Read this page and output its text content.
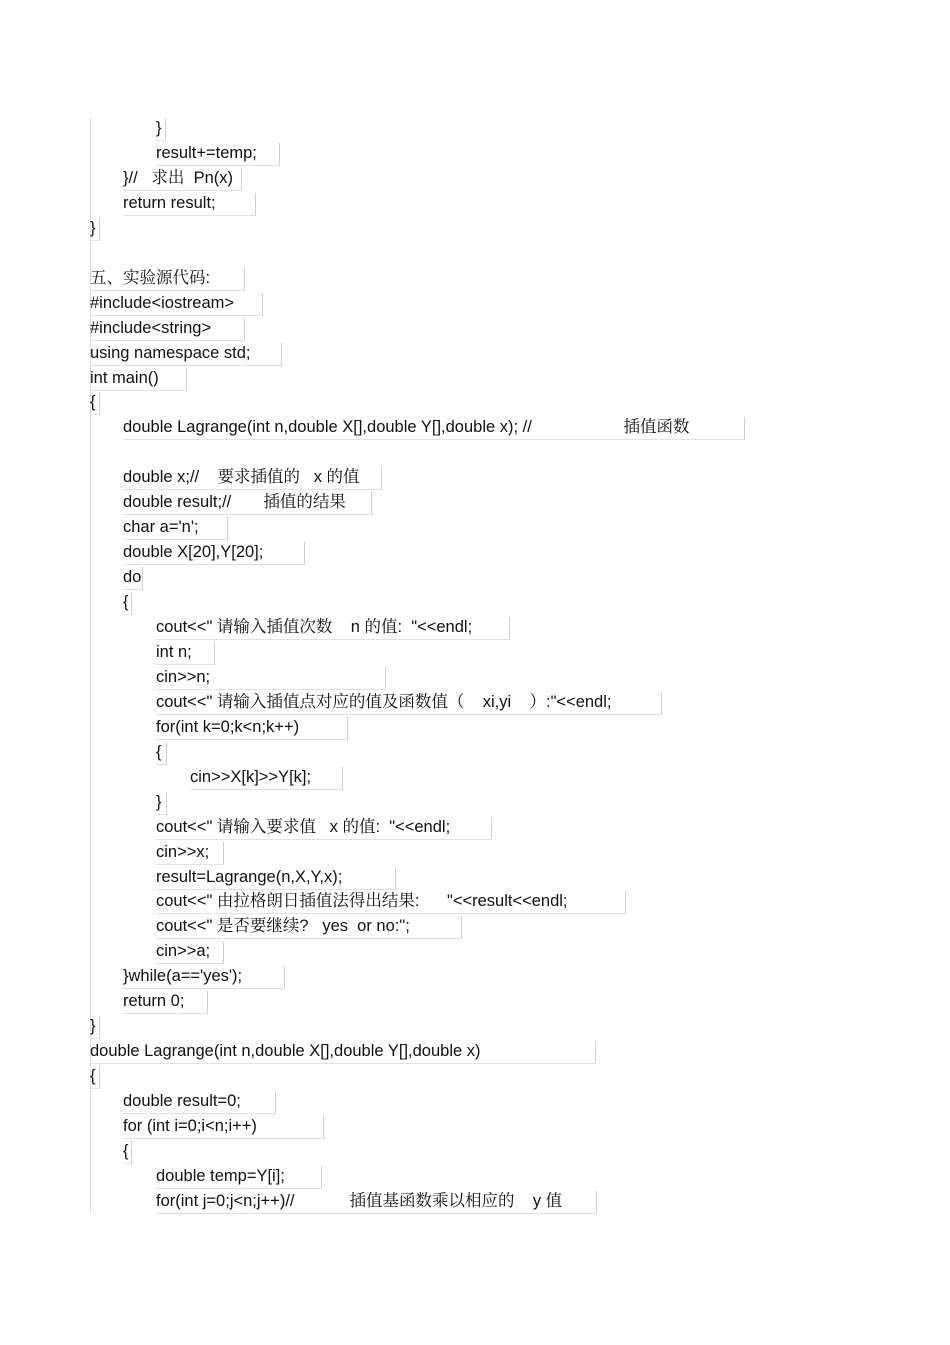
}
result+=temp;
}//   求出  Pn(x)
return result;
}
五、实验源代码:
#include<iostream>
#include<string>
using namespace std;
int main()
{
double Lagrange(int n,double X[],double Y[],double x); //                    插值函数
double x;//    要求插值的   x 的值
double result;//       插值的结果
char a='n';
double X[20],Y[20];
do
{
cout<<" 请输入插值次数    n 的值:  "<<endl;
int n;
cin>>n;
cout<<" 请输入插值点对应的值及函数值（    xi,yi    ）:"<<endl;
for(int k=0;k<n;k++)
{
cin>>X[k]>>Y[k];
}
cout<<" 请输入要求值   x 的值:  "<<endl;
cin>>x;
result=Lagrange(n,X,Y,x);
cout<<" 由拉格朗日插值法得出结果:      "<<result<<endl;
cout<<" 是否要继续?   yes  or no:";
cin>>a;
}while(a=='yes');
return 0;
}
double Lagrange(int n,double X[],double Y[],double x)
{
double result=0;
for (int i=0;i<n;i++)
{
double temp=Y[i];
for(int j=0;j<n;j++)//            插值基函数乘以相应的    y 值
